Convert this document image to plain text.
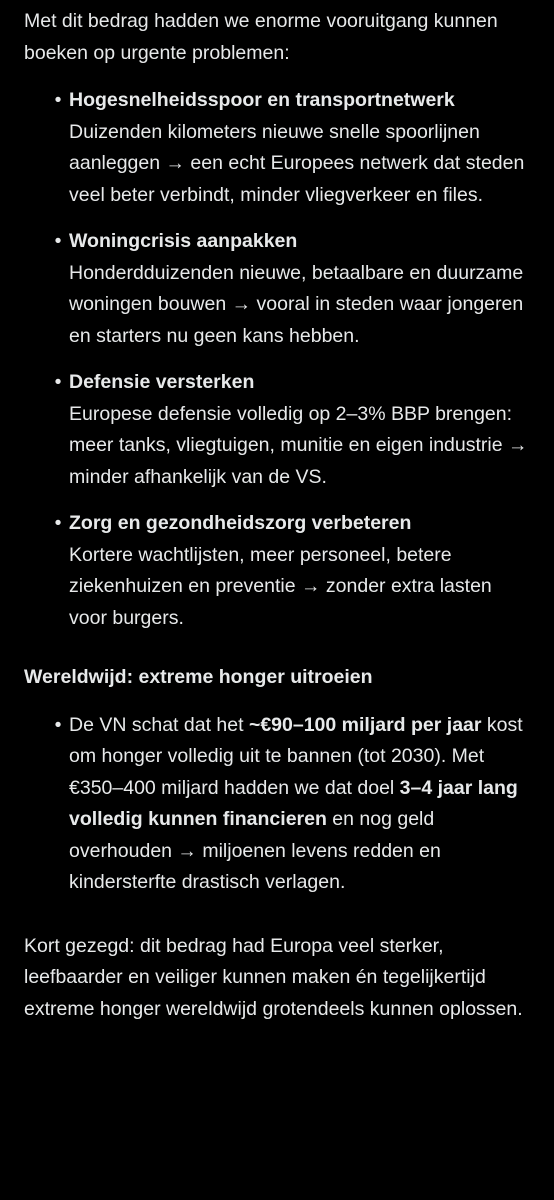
Met dit bedrag hadden we enorme vooruitgang kunnen boeken op urgente problemen:

• Hogesnelheidsspoor en transportnetwerk
Duizenden kilometers nieuwe snelle spoorlijnen aanleggen → een echt Europees netwerk dat steden veel beter verbindt, minder vliegverkeer en files.
• Woningcrisis aanpakken
Honderdduizenden nieuwe, betaalbare en duurzame woningen bouwen → vooral in steden waar jongeren en starters nu geen kans hebben.
• Defensie versterken
Europese defensie volledig op 2–3% BBP brengen: meer tanks, vliegtuigen, munitie en eigen industrie → minder afhankelijk van de VS.
• Zorg en gezondheidszorg verbeteren
Kortere wachtlijsten, meer personeel, betere ziekenhuizen en preventie → zonder extra lasten voor burgers.

Wereldwijd: extreme honger uitroeien

• De VN schat dat het ~€90–100 miljard per jaar kost om honger volledig uit te bannen (tot 2030). Met €350–400 miljard hadden we dat doel 3–4 jaar lang volledig kunnen financieren en nog geld overhouden → miljoenen levens redden en kindersterfte drastisch verlagen.

Kort gezegd: dit bedrag had Europa veel sterker, leefbaarder en veiliger kunnen maken én tegelijkertijd extreme honger wereldwijd grotendeels kunnen oplossen.
